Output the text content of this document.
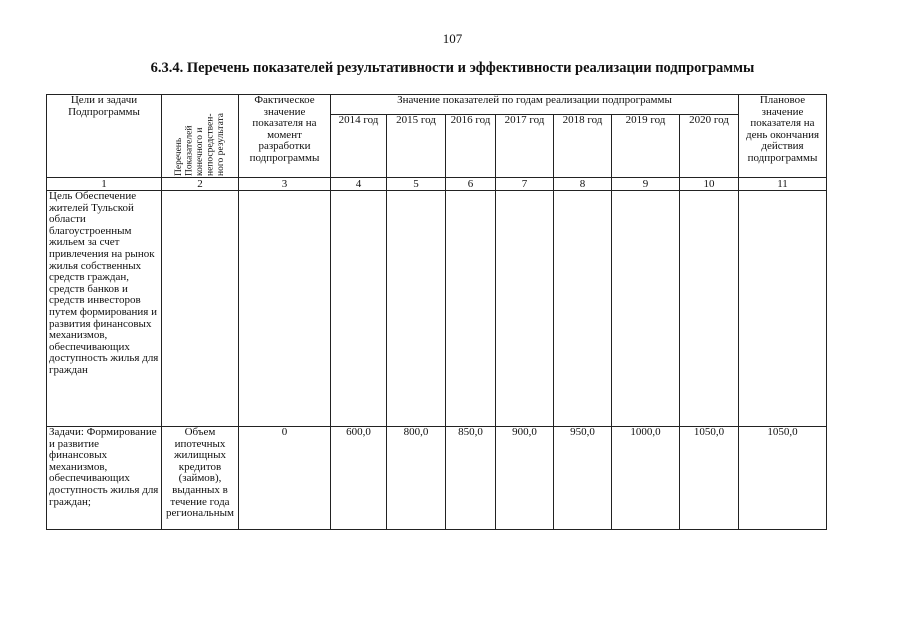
107
6.3.4. Перечень показателей результативности и эффективности реализации подпрограммы
Цели и задачи Подпрограммы	Перечень Показателей конечного и непосредствен-ного результата	Фактическое значение показателя на момент разработки подпрограммы	Значение показателей по годам реализации подпрограммы							Плановое значение показателя на день окончания действия подпрограммы
			2014 год	2015 год	2016 год	2017 год	2018 год	2019 год	2020 год	
1	2	3	4	5	6	7	8	9	10	11
Цель Обеспечение жителей Тульской области благоустроенным жильем за счет привлечения на рынок жилья собственных средств граждан, средств банков и средств инвесторов путем формирования и развития финансовых механизмов, обеспечивающих доступность жилья для граждан										
Задачи: Формирование и развитие финансовых механизмов, обеспечивающих доступность жилья для граждан;	Объем ипотечных жилищных кредитов (займов), выданных в течение года региональным	0	600,0	800,0	850,0	900,0	950,0	1000,0	1050,0	1050,0
